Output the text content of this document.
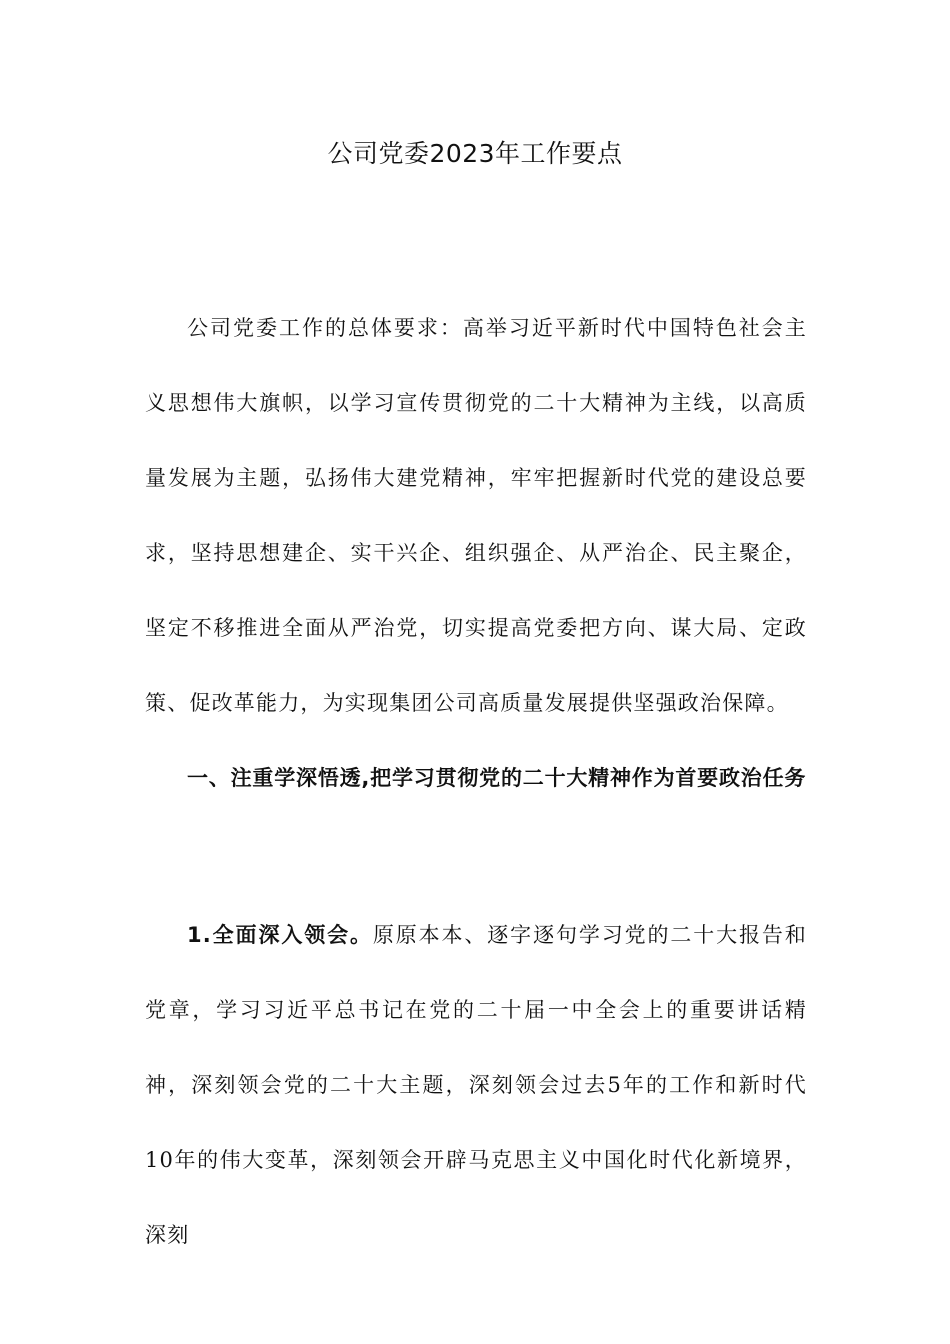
公司党委2023年工作要点

公司党委工作的总体要求：高举习近平新时代中国特色社会主义思想伟大旗帜，以学习宣传贯彻党的二十大精神为主线，以高质量发展为主题，弘扬伟大建党精神，牢牢把握新时代党的建设总要求，坚持思想建企、实干兴企、组织强企、从严治企、民主聚企，坚定不移推进全面从严治党，切实提高党委把方向、谋大局、定政策、促改革能力，为实现集团公司高质量发展提供坚强政治保障。

一、注重学深悟透,把学习贯彻党的二十大精神作为首要政治任务

1.全面深入领会。原原本本、逐字逐句学习党的二十大报告和党章，学习习近平总书记在党的二十届一中全会上的重要讲话精神，深刻领会党的二十大主题，深刻领会过去5年的工作和新时代10年的伟大变革，深刻领会开辟马克思主义中国化时代化新境界，深刻
